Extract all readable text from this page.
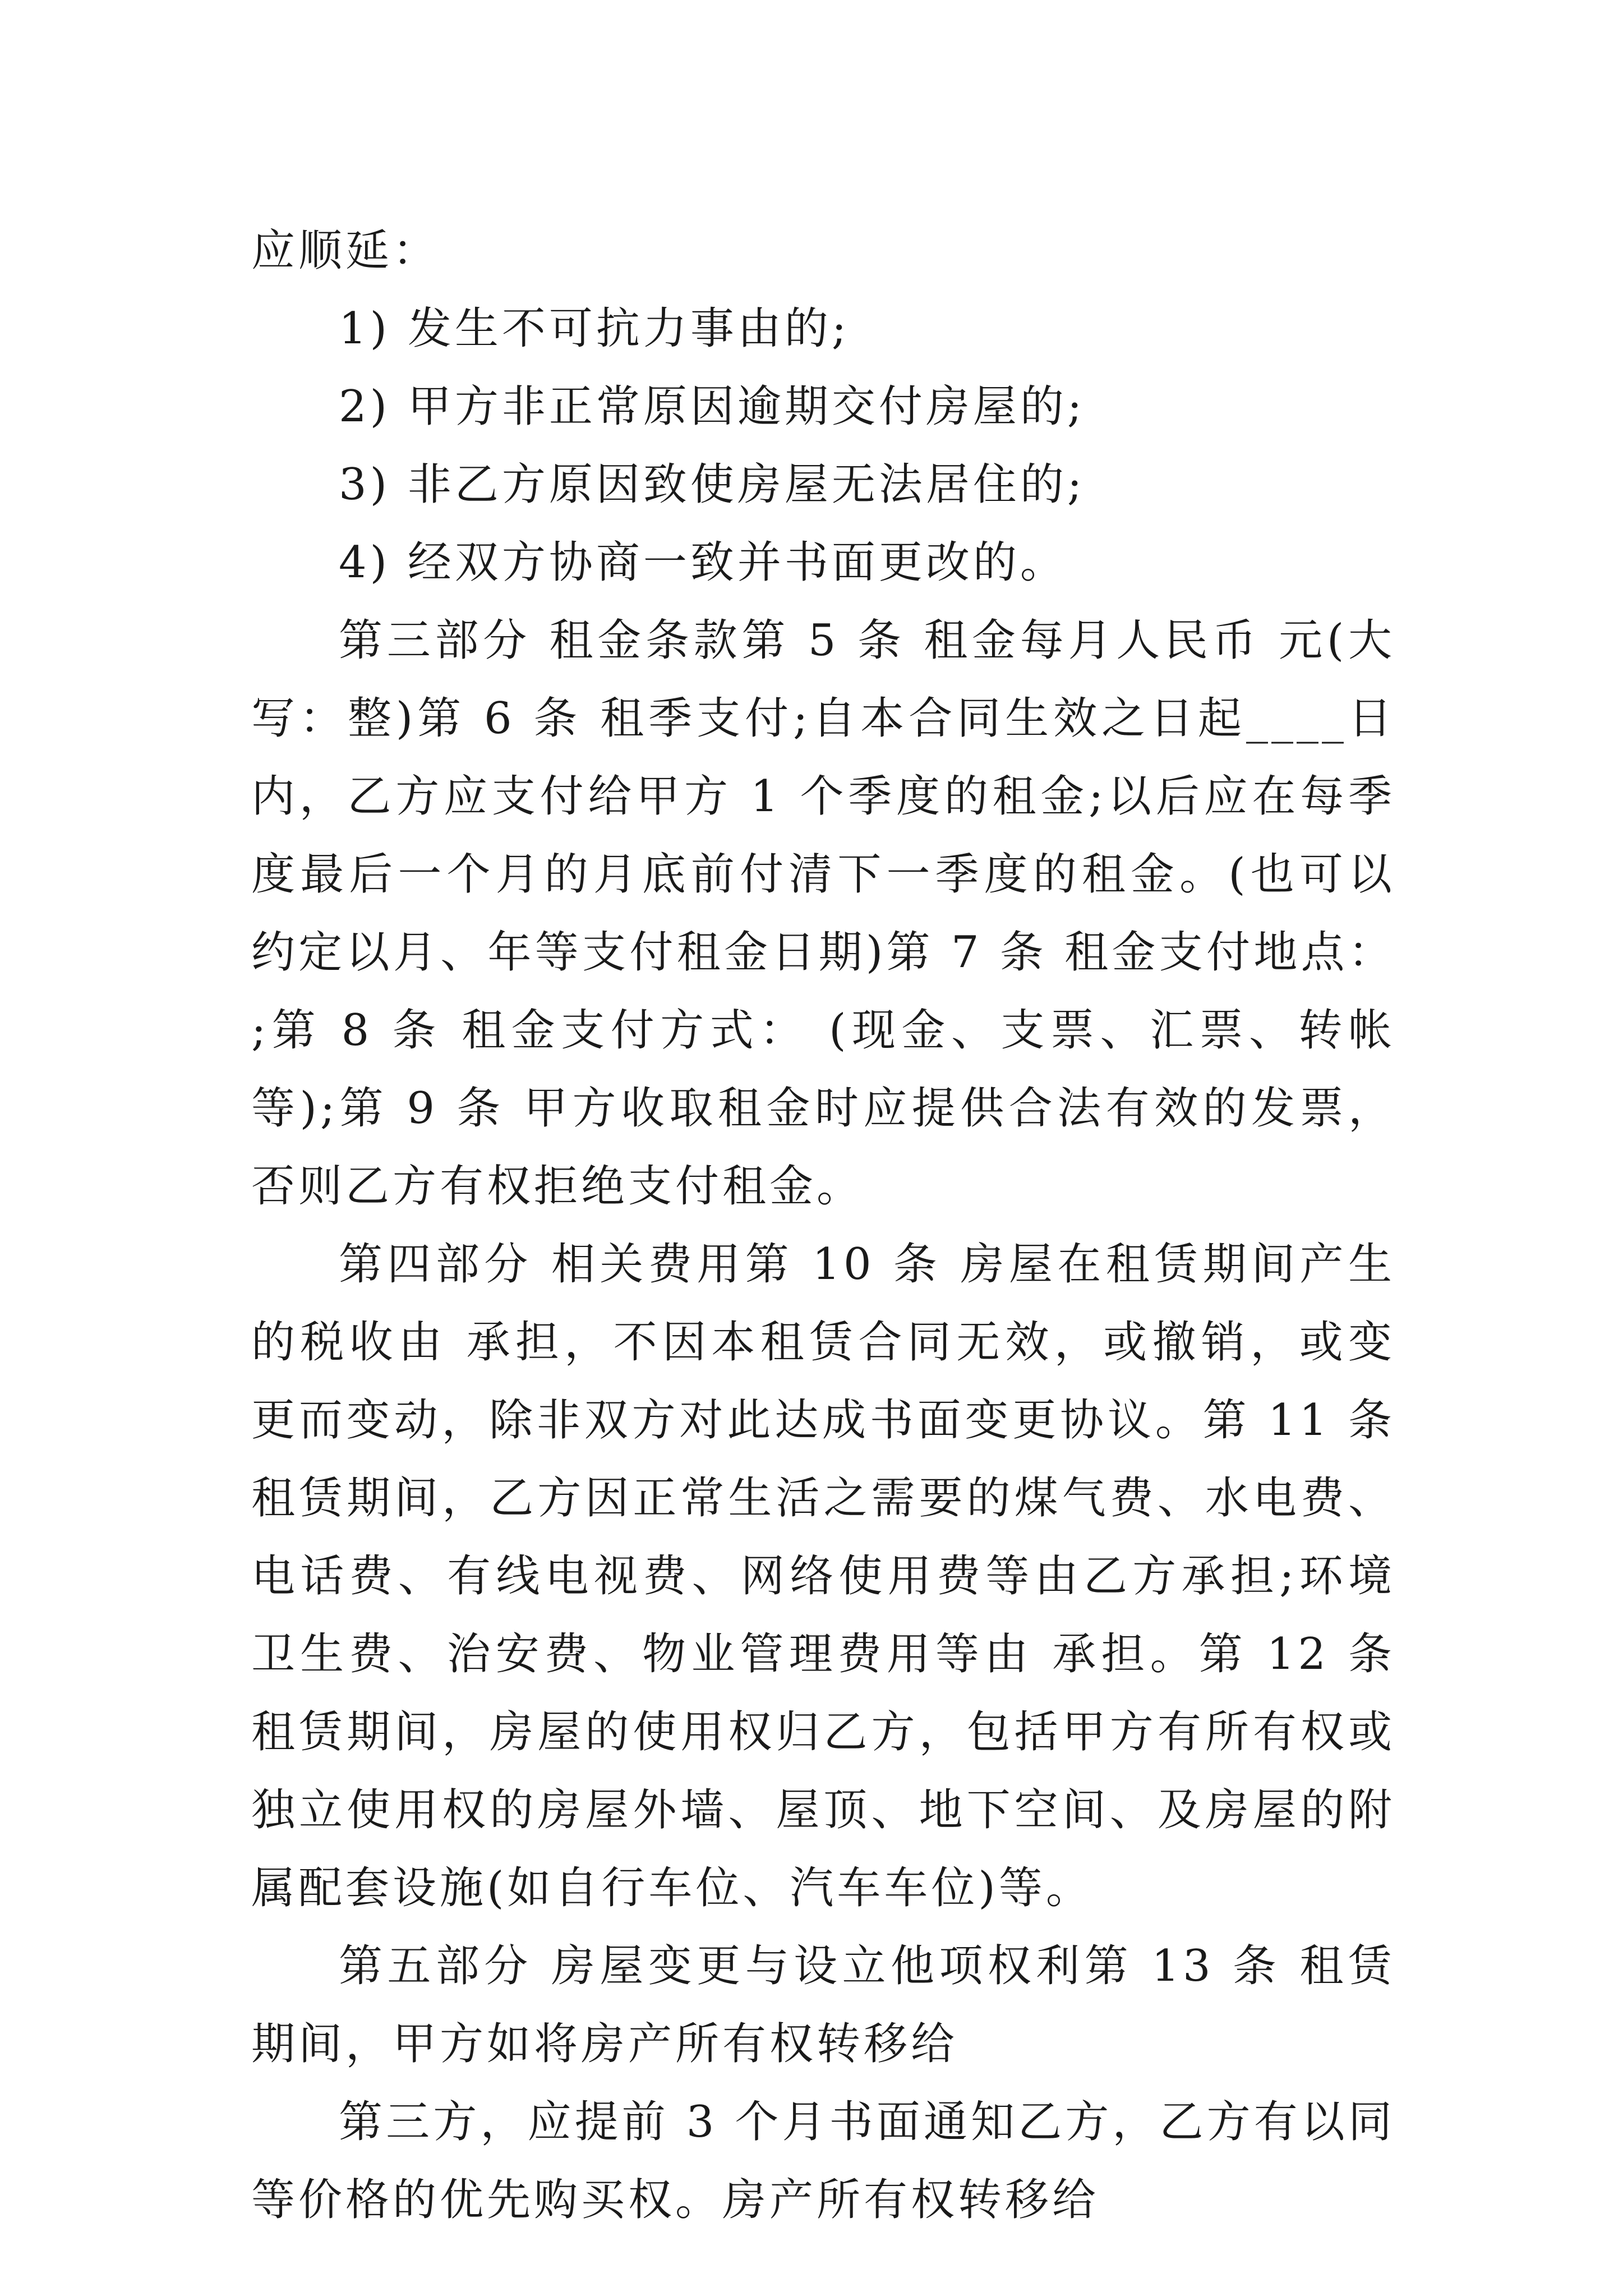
应顺延：

1) 发生不可抗力事由的;

2) 甲方非正常原因逾期交付房屋的;

3) 非乙方原因致使房屋无法居住的;

4) 经双方协商一致并书面更改的。

第三部分 租金条款第 5 条 租金每月人民币 元(大写：整)第 6 条 租季支付;自本合同生效之日起____日内，乙方应支付给甲方 1 个季度的租金;以后应在每季度最后一个月的月底前付清下一季度的租金。(也可以约定以月、年等支付租金日期)第 7 条 租金支付地点： ;第 8 条 租金支付方式： (现金、支票、汇票、转帐等);第 9 条 甲方收取租金时应提供合法有效的发票，否则乙方有权拒绝支付租金。

第四部分 相关费用第 10 条 房屋在租赁期间产生的税收由 承担，不因本租赁合同无效，或撤销，或变更而变动，除非双方对此达成书面变更协议。第 11 条 租赁期间，乙方因正常生活之需要的煤气费、水电费、电话费、有线电视费、网络使用费等由乙方承担;环境卫生费、治安费、物业管理费用等由 承担。第 12 条 租赁期间，房屋的使用权归乙方，包括甲方有所有权或独立使用权的房屋外墙、屋顶、地下空间、及房屋的附属配套设施(如自行车位、汽车车位)等。

第五部分 房屋变更与设立他项权利第 13 条 租赁期间，甲方如将房产所有权转移给

第三方，应提前 3 个月书面通知乙方，乙方有以同等价格的优先购买权。房产所有权转移给
